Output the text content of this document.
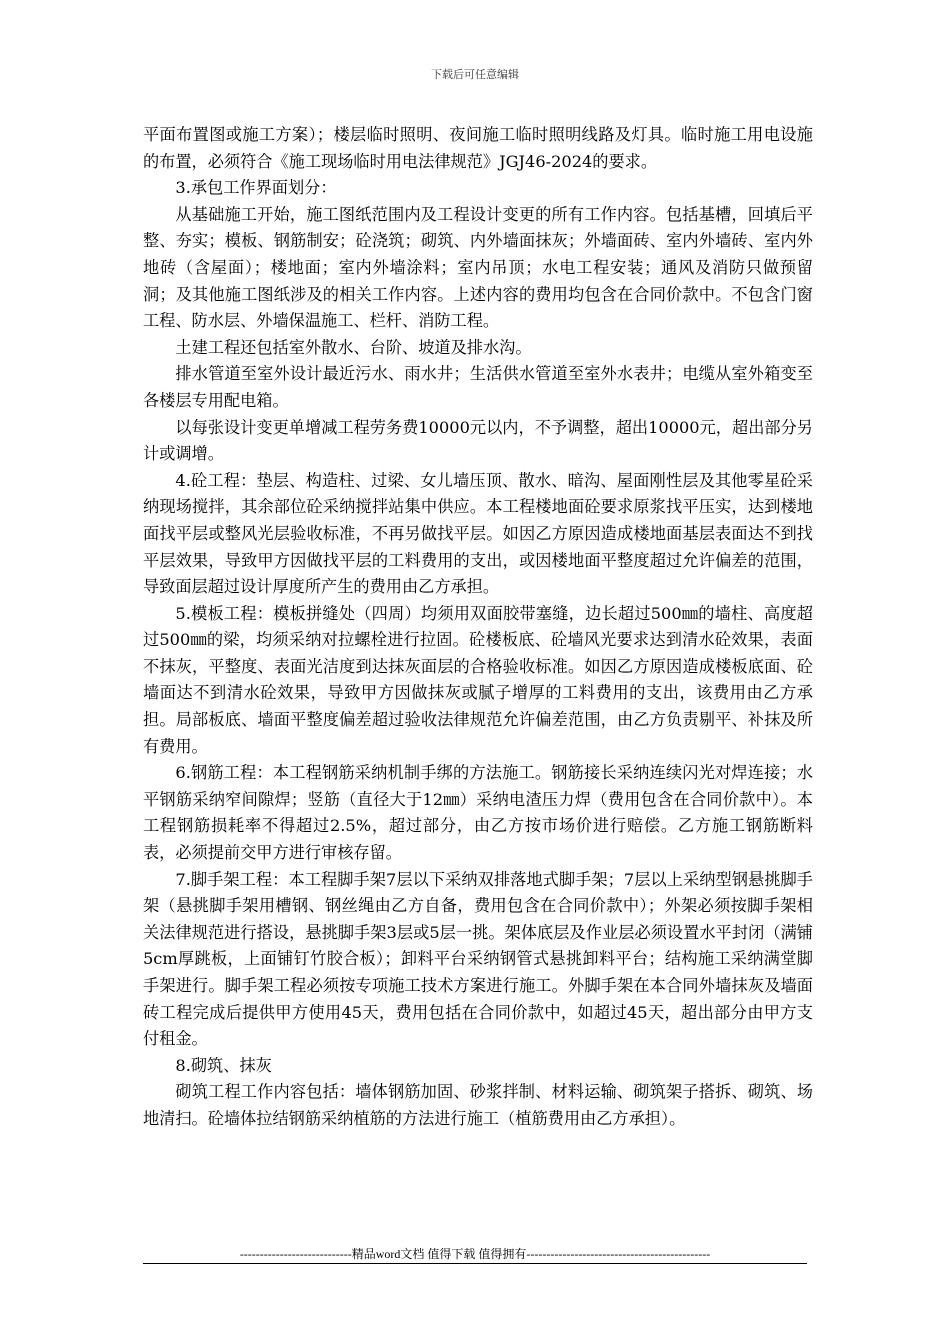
下载后可任意编辑

平面布置图或施工方案）；楼层临时照明、夜间施工临时照明线路及灯具。临时施工用电设施的布置，必须符合《施工现场临时用电法律规范》JGJ46-2024的要求。

3.承包工作界面划分：

从基础施工开始，施工图纸范围内及工程设计变更的所有工作内容。包括基槽，回填后平整、夯实；模板、钢筋制安；砼浇筑；砌筑、内外墙面抹灰；外墙面砖、室内外墙砖、室内外地砖（含屋面）；楼地面；室内外墙涂料；室内吊顶；水电工程安装；通风及消防只做预留洞；及其他施工图纸涉及的相关工作内容。上述内容的费用均包含在合同价款中。不包含门窗工程、防水层、外墙保温施工、栏杆、消防工程。

土建工程还包括室外散水、台阶、坡道及排水沟。

排水管道至室外设计最近污水、雨水井；生活供水管道至室外水表井；电缆从室外箱变至各楼层专用配电箱。

以每张设计变更单增减工程劳务费10000元以内，不予调整，超出10000元，超出部分另计或调增。

4.砼工程：垫层、构造柱、过梁、女儿墙压顶、散水、暗沟、屋面刚性层及其他零星砼采纳现场搅拌，其余部位砼采纳搅拌站集中供应。本工程楼地面砼要求原浆找平压实，达到楼地面找平层或整风光层验收标准，不再另做找平层。如因乙方原因造成楼地面基层表面达不到找平层效果，导致甲方因做找平层的工料费用的支出，或因楼地面平整度超过允许偏差的范围，导致面层超过设计厚度所产生的费用由乙方承担。

5.模板工程：模板拼缝处（四周）均须用双面胶带塞缝，边长超过500㎜的墙柱、高度超过500㎜的梁，均须采纳对拉螺栓进行拉固。砼楼板底、砼墙风光要求达到清水砼效果，表面不抹灰，平整度、表面光洁度到达抹灰面层的合格验收标准。如因乙方原因造成楼板底面、砼墙面达不到清水砼效果，导致甲方因做抹灰或腻子增厚的工料费用的支出，该费用由乙方承担。局部板底、墙面平整度偏差超过验收法律规范允许偏差范围，由乙方负责剔平、补抹及所有费用。

6.钢筋工程：本工程钢筋采纳机制手绑的方法施工。钢筋接长采纳连续闪光对焊连接；水平钢筋采纳窄间隙焊；竖筋（直径大于12㎜）采纳电渣压力焊（费用包含在合同价款中）。本工程钢筋损耗率不得超过2.5%，超过部分，由乙方按市场价进行赔偿。乙方施工钢筋断料表，必须提前交甲方进行审核存留。

7.脚手架工程：本工程脚手架7层以下采纳双排落地式脚手架；7层以上采纳型钢悬挑脚手架（悬挑脚手架用槽钢、钢丝绳由乙方自备，费用包含在合同价款中）；外架必须按脚手架相关法律规范进行搭设，悬挑脚手架3层或5层一挑。架体底层及作业层必须设置水平封闭（满铺5cm厚跳板，上面铺钉竹胶合板）；卸料平台采纳钢管式悬挑卸料平台；结构施工采纳满堂脚手架进行。脚手架工程必须按专项施工技术方案进行施工。外脚手架在本合同外墙抹灰及墙面砖工程完成后提供甲方使用45天，费用包括在合同价款中，如超过45天，超出部分由甲方支付租金。

8.砌筑、抹灰

砌筑工程工作内容包括：墙体钢筋加固、砂浆拌制、材料运输、砌筑架子搭拆、砌筑、场地清扫。砼墙体拉结钢筋采纳植筋的方法进行施工（植筋费用由乙方承担）。

----------------------------精品word文档 值得下载 值得拥有----------------------------------------------
